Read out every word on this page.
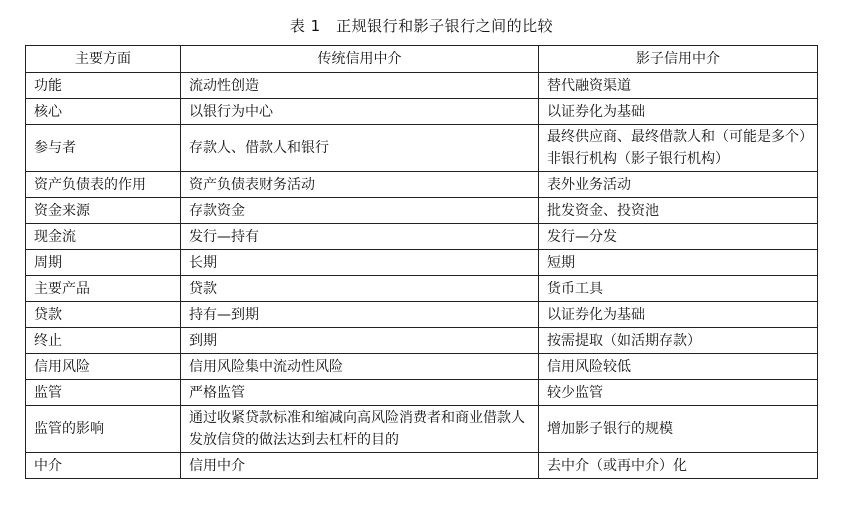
表 1　正规银行和影子银行之间的比较
主要方面	传统信用中介	影子信用中介
功能	流动性创造	替代融资渠道
核心	以银行为中心	以证券化为基础
参与者	存款人、借款人和银行	最终供应商、最终借款人和（可能是多个）非银行机构（影子银行机构）
资产负债表的作用	资产负债表财务活动	表外业务活动
资金来源	存款资金	批发资金、投资池
现金流	发行—持有	发行—分发
周期	长期	短期
主要产品	贷款	货币工具
贷款	持有—到期	以证券化为基础
终止	到期	按需提取（如活期存款）
信用风险	信用风险集中流动性风险	信用风险较低
监管	严格监管	较少监管
监管的影响	通过收紧贷款标准和缩减向高风险消费者和商业借款人发放信贷的做法达到去杠杆的目的	增加影子银行的规模
中介	信用中介	去中介（或再中介）化
